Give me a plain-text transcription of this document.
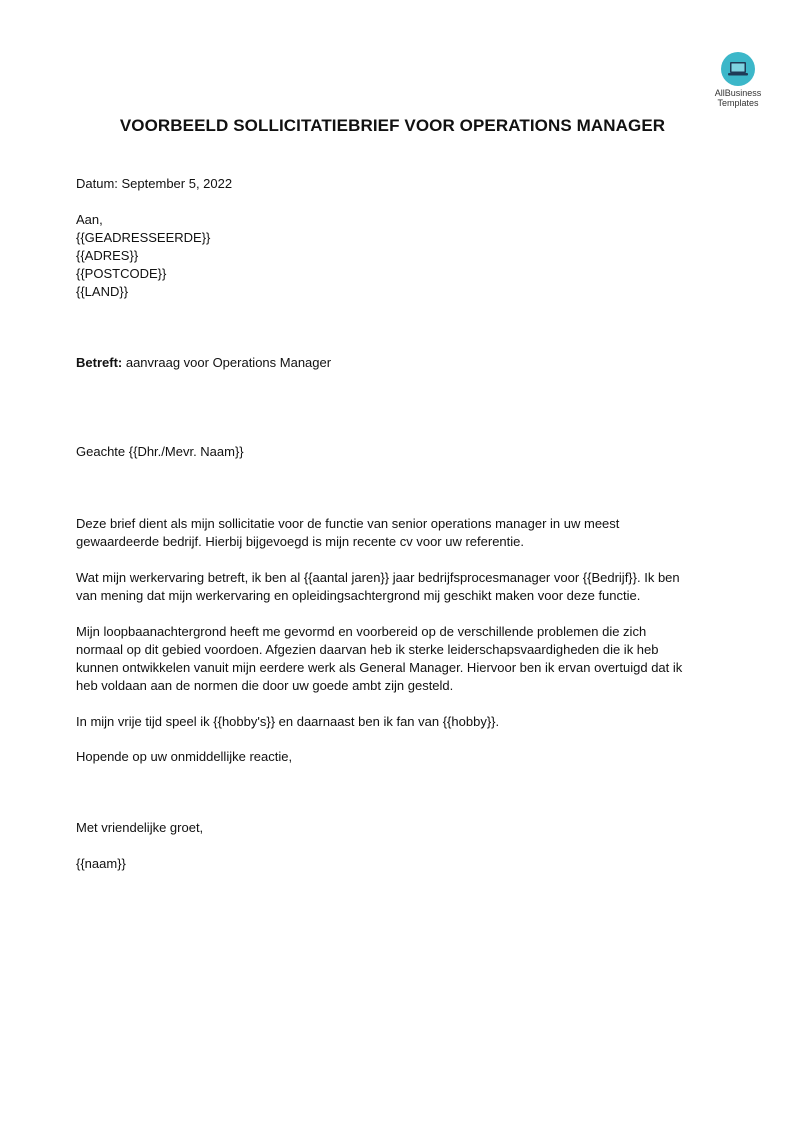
AllBusiness
Templates
VOORBEELD SOLLICITATIEBRIEF VOOR OPERATIONS MANAGER

Datum: September 5, 2022

Aan,

{{GEADRESSEERDE}}

{{ADRES}}

{{POSTCODE}}

{{LAND}}

Betreft: aanvraag voor Operations Manager

Geachte {{Dhr./Mevr. Naam}}

Deze brief dient als mijn sollicitatie voor de functie van senior operations manager in uw meest

gewaardeerde bedrijf. Hierbij bijgevoegd is mijn recente cv voor uw referentie.

Wat mijn werkervaring betreft, ik ben al {{aantal jaren}} jaar bedrijfsprocesmanager voor {{Bedrijf}}. Ik ben

van mening dat mijn werkervaring en opleidingsachtergrond mij geschikt maken voor deze functie.

Mijn loopbaanachtergrond heeft me gevormd en voorbereid op de verschillende problemen die zich

normaal op dit gebied voordoen. Afgezien daarvan heb ik sterke leiderschapsvaardigheden die ik heb

kunnen ontwikkelen vanuit mijn eerdere werk als General Manager. Hiervoor ben ik ervan overtuigd dat ik

heb voldaan aan de normen die door uw goede ambt zijn gesteld.

In mijn vrije tijd speel ik {{hobby's}} en daarnaast ben ik fan van {{hobby}}.

Hopende op uw onmiddellijke reactie,

Met vriendelijke groet,

{{naam}}
